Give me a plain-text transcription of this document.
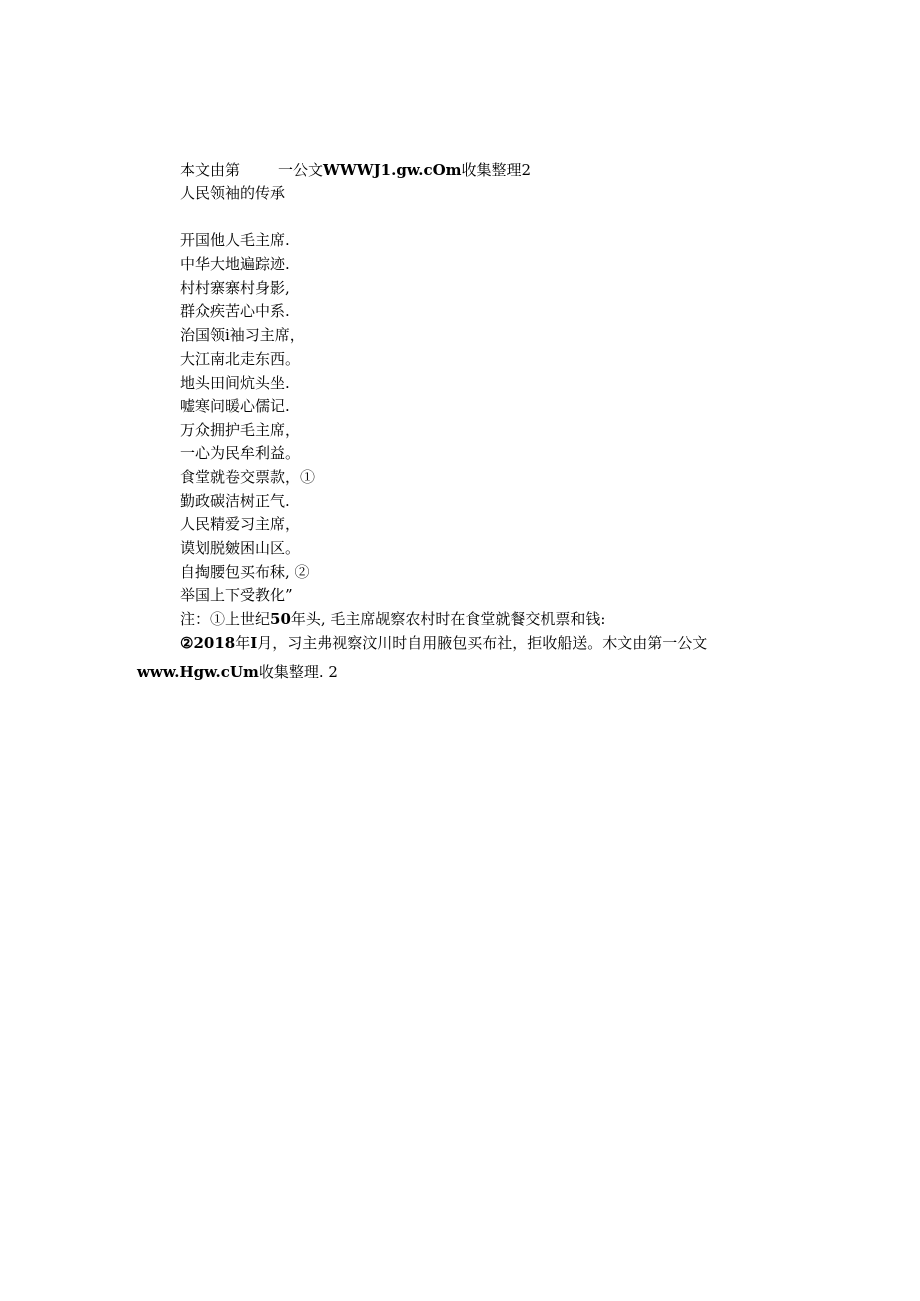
本文由第	一公文WWWJ1.gw.cOm收集整理2
人民领袖的传承
开国他人毛主席.
中华大地遍踪迹.
村村寨寨村身影,
群众疾苦心中系.
治国领i袖习主席，
大江南北走东西。
地头田间炕头坐.
嘘寒问暖心儒记.
万众拥护毛主席，
一心为民牟利益。
食堂就卷交票款，①
勤政碳洁树正气.
人民精爱习主席，
谟划脱皴困山区。
自掏腰包买布秣, ②
举国上下受教化”
注：①上世纪50年头, 毛主席觇察农村时在食堂就餐交机票和钱:
②2018年I月，习主弗视察汶川时自用腋包买布社，拒收船送。木文由第一公文
www.Hgw.cUm收集整理. 2
